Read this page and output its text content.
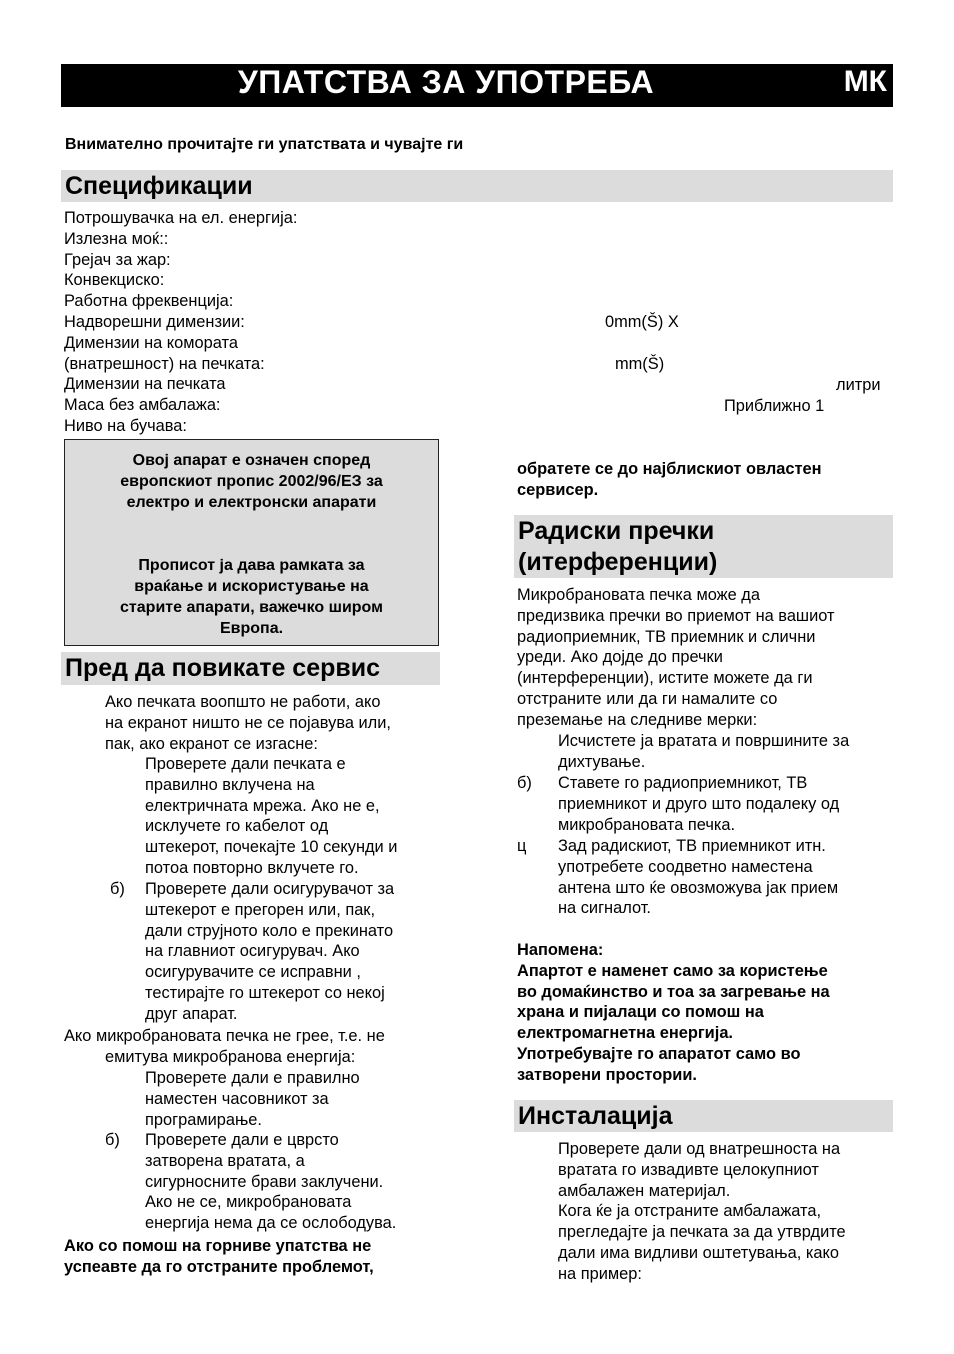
УПАТСТВА ЗА УПОТРЕБА	МК
Внимателно прочитајте ги упатствата и чувајте ги
Спецификации
Потрошувачка на ел. енергија:
Излезна моќ::
Грејач за жар:
Конвекциско:
Работна фреквенција:
Надворешни димензии:
Димензии на комората
(внатрешност) на печката:
Димензии на печката
Маса без амбалажа:
Ниво на бучава:
0mm(Š) X
mm(Š)
литри
Приближно 1
Овој апарат е означен според
европскиот пропис 2002/96/ЕЗ за
електро и електронски апарати
Прописот ја дава рамката за
враќање и искористување на
старите апарати, важечко широм
Европа.
Пред да повикате сервис
Ако печката воопшто не работи, ако
на екранот ништо не се појавува или,
пак, ако екранот се изгасне:
Проверете дали печката е
правилно вклучена на
електричната мрежа. Ако не е,
исклучете го кабелот од
штекерот, почекајте 10 секунди и
потоа повторно вклучете го.
б) Проверете дали осигурувачот за
штекерот е прегорен или, пак,
дали струјното коло е прекинато
на главниот осигурувач. Ако
осигурувачите се исправни ,
тестирајте го штекерот со некој
друг апарат.
Ако микробрановата печка не грее, т.е. не
емитува микробранова енергија:
Проверете дали е правилно
наместен часовникот за
програмирање.
б) Проверете дали е цврсто
затворена вратата, а
сигурносните брави заклучени.
Ако не се, микробрановата
енергија нема да се ослободува.
Ако со помош на горниве упатства не
успеавте да го отстраните проблемот,
обратете се до најблискиот овластен
сервисер.
Радиски пречки
(итерференции)
Микробрановата печка може да
предизвика пречки во приемот на вашиот
радиоприемник, ТВ приемник и слични
уреди. Ако дојде до пречки
(интерференции), истите можете да ги
отстраните или да ги намалите со
преземање на следниве мерки:
Исчистете ја вратата и површините за
дихтување.
б) Ставете го радиоприемникот, ТВ
приемникот и друго што подалеку од
микробрановата печка.
ц Зад радискиот, ТВ приемникот итн.
употребете соодветно наместена
антена што ќе овозможува јак прием
на сигналот.
Напомена:
Апартот е наменет само за користење
во домаќинство и тоа за загревање на
храна и пијалаци со помош на
електромагнетна енергија.
Употребувајте го апаратот само во
затворени простории.
Инсталација
Проверете дали од внатрешноста на
вратата го извадивте целокупниот
амбалажен материјал.
Кога ќе ја отстраните амбалажата,
прегледајте ја печката за да утврдите
дали има видливи оштетувања, како
на пример:
